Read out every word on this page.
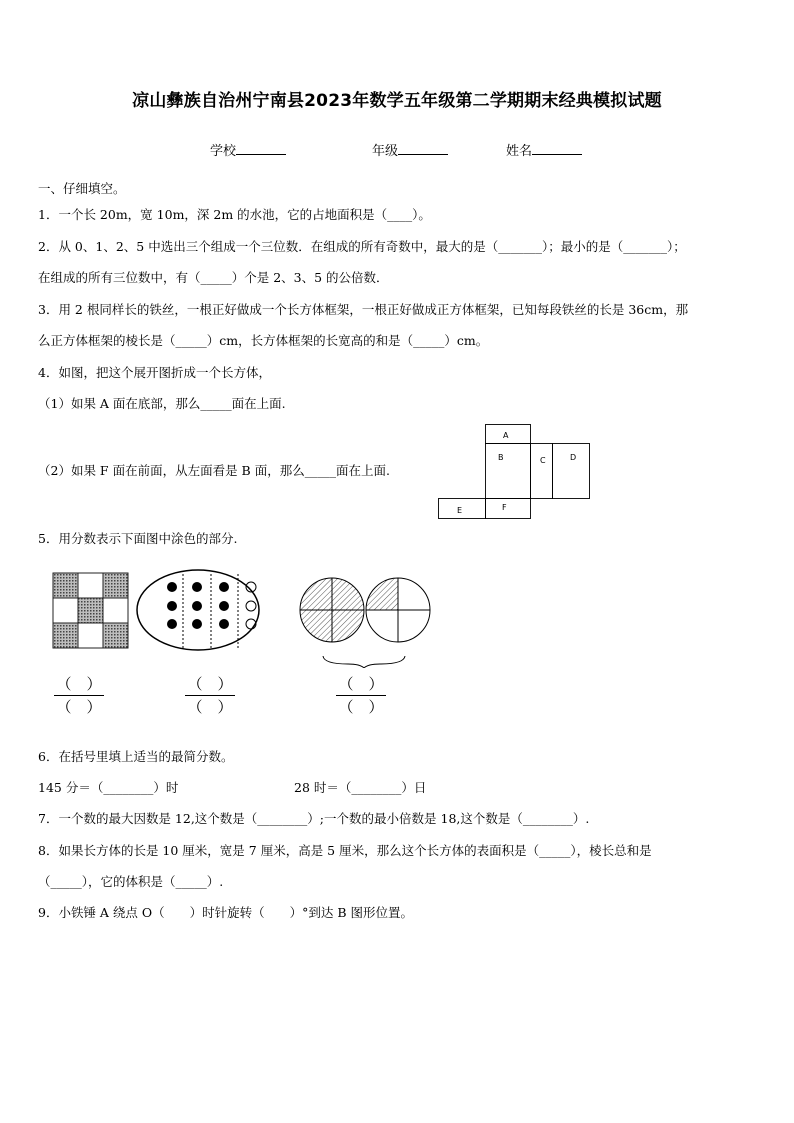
凉山彝族自治州宁南县2023年数学五年级第二学期期末经典模拟试题
学校	年级	姓名
一、仔细填空。
1．一个长 20m，宽 10m，深 2m 的水池，它的占地面积是（____）。
2．从 0、1、2、5 中选出三个组成一个三位数．在组成的所有奇数中，最大的是（_______）；最小的是（_______）；
在组成的所有三位数中，有（_____）个是 2、3、5 的公倍数．
3．用 2 根同样长的铁丝，一根正好做成一个长方体框架，一根正好做成正方体框架，已知每段铁丝的长是 36cm，那
么正方体框架的棱长是（_____）cm，长方体框架的长宽高的和是（_____）cm。
4．如图，把这个展开图折成一个长方体，
（1）如果 A 面在底部，那么_____面在上面.
（2）如果 F 面在前面，从左面看是 B 面，那么_____面在上面.
A
B	C	D
E	F
5．用分数表示下面图中涂色的部分.
（　）
（　）
（　）
（　）
（　）
（　）
6．在括号里填上适当的最简分数。
145 分＝（________）时	28 时＝（________）日
7．一个数的最大因数是 12,这个数是（________）;一个数的最小倍数是 18,这个数是（________）.
8．如果长方体的长是 10 厘米，宽是 7 厘米，高是 5 厘米，那么这个长方体的表面积是（_____），棱长总和是
（_____），它的体积是（_____）.
9．小铁锤 A 绕点 O（　　）时针旋转（　　）°到达 B 图形位置。
